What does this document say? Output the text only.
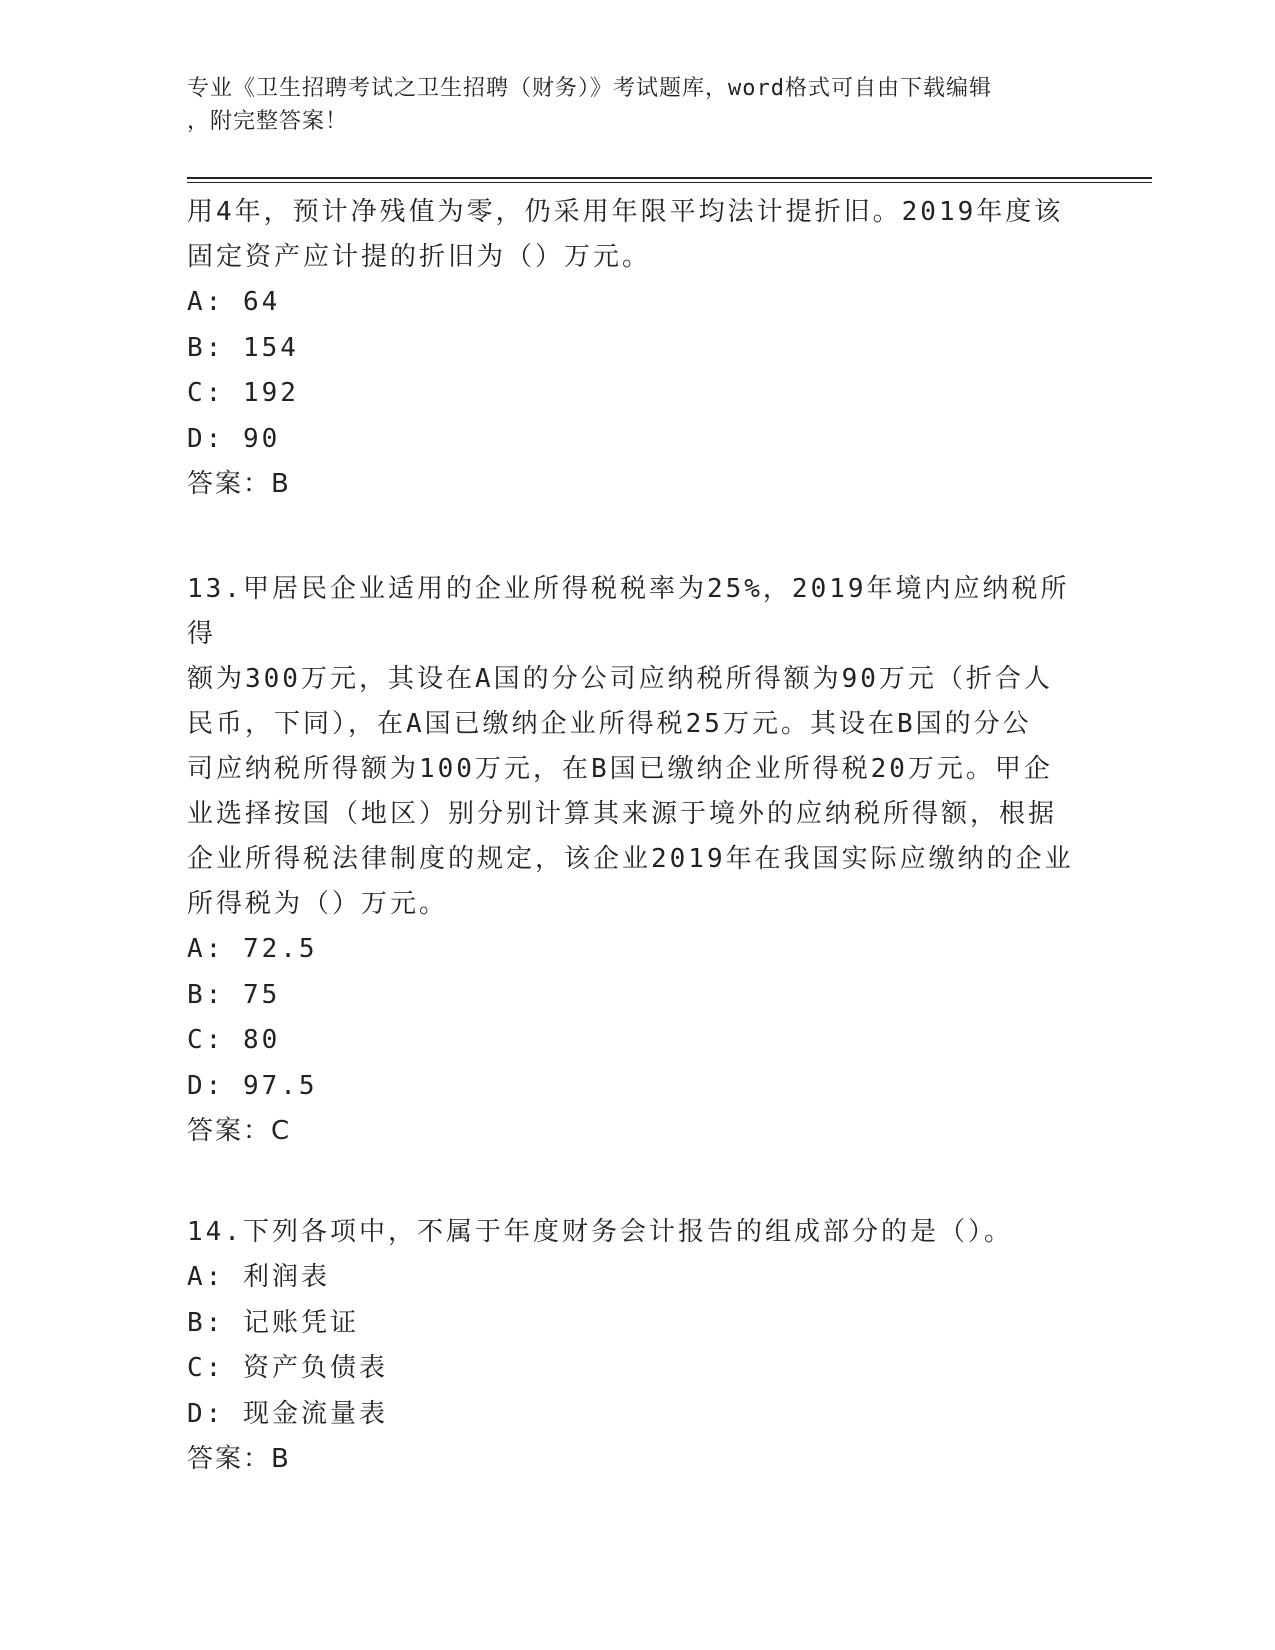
专业《卫生招聘考试之卫生招聘（财务）》考试题库，word格式可自由下载编辑
，附完整答案！
用4年，预计净残值为零，仍采用年限平均法计提折旧。2019年度该
固定资产应计提的折旧为（）万元。
A: 64
B: 154
C: 192
D: 90
答案：B
13.甲居民企业适用的企业所得税税率为25%，2019年境内应纳税所得
额为300万元，其设在A国的分公司应纳税所得额为90万元（折合人
民币，下同），在A国已缴纳企业所得税25万元。其设在B国的分公
司应纳税所得额为100万元，在B国已缴纳企业所得税20万元。甲企
业选择按国（地区）别分别计算其来源于境外的应纳税所得额，根据
企业所得税法律制度的规定，该企业2019年在我国实际应缴纳的企业
所得税为（）万元。
A: 72.5
B: 75
C: 80
D: 97.5
答案：C
14.下列各项中，不属于年度财务会计报告的组成部分的是（）。
A: 利润表
B: 记账凭证
C: 资产负债表
D: 现金流量表
答案：B
